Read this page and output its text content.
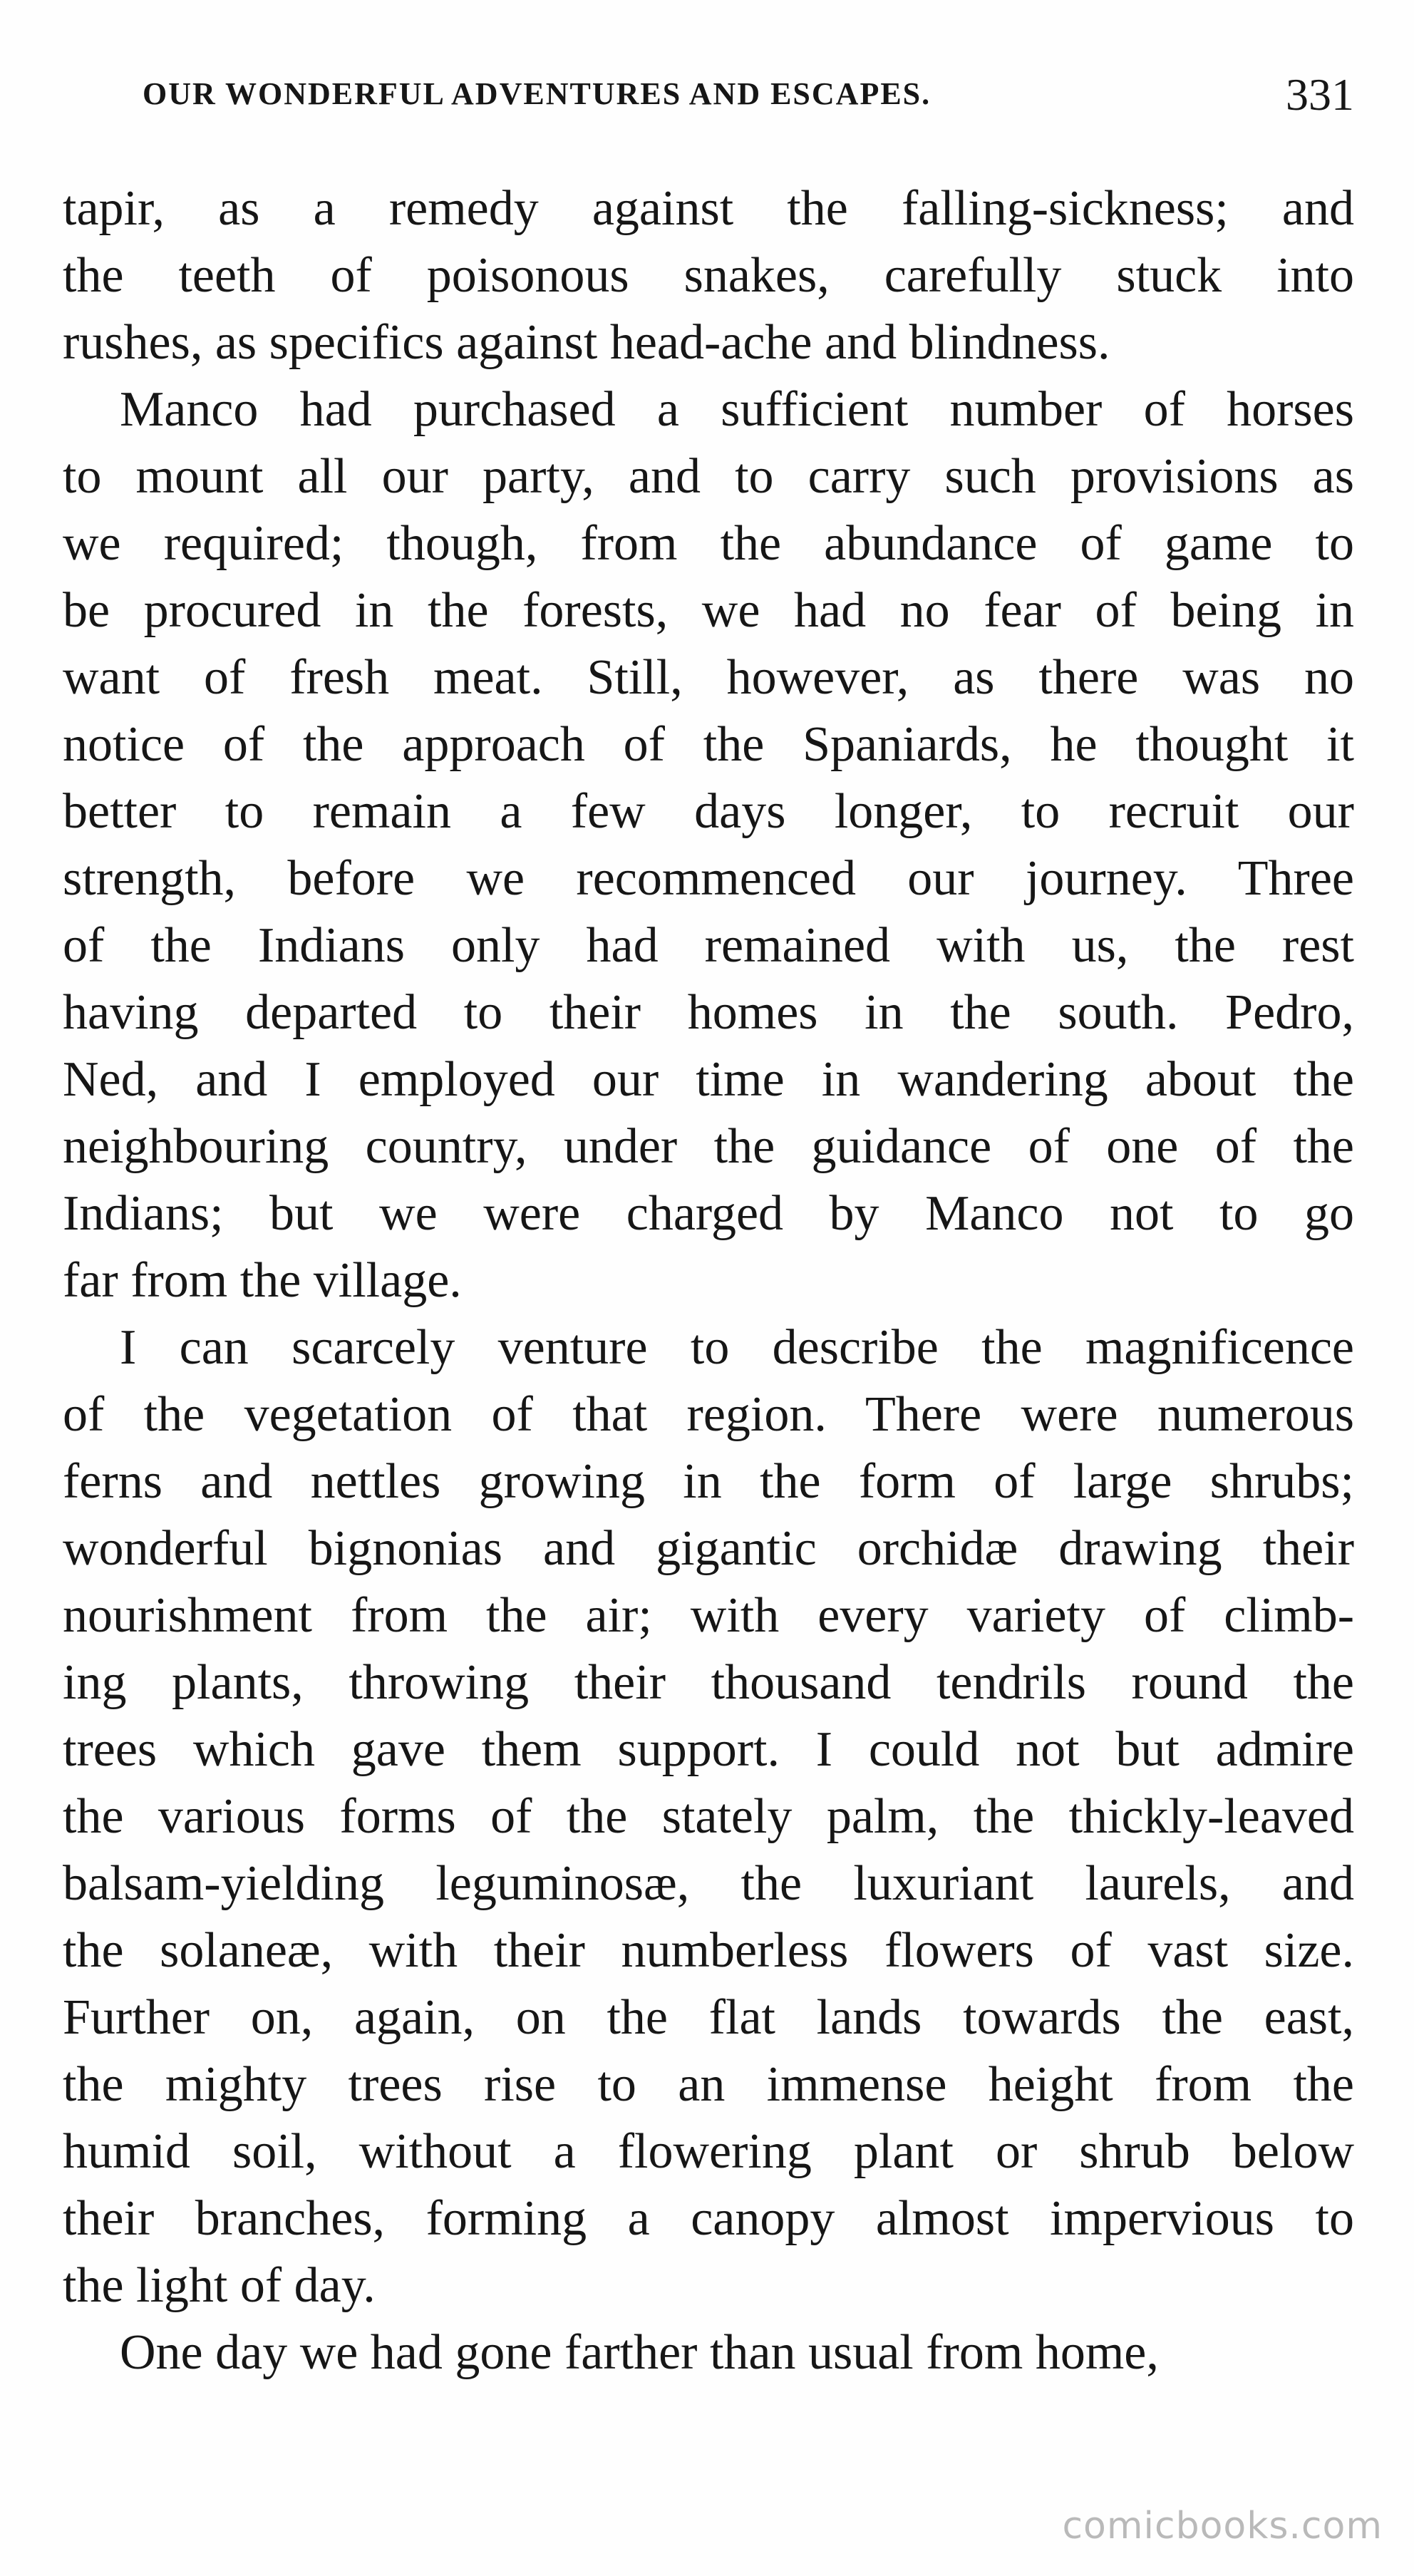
OUR WONDERFUL ADVENTURES AND ESCAPES.	331
tapir, as a remedy against the falling-sickness; and
the teeth of poisonous snakes, carefully stuck into
rushes, as specifics against head-ache and blindness.
Manco had purchased a sufficient number of horses
to mount all our party, and to carry such provisions as
we required; though, from the abundance of game to
be procured in the forests, we had no fear of being in
want of fresh meat. Still, however, as there was no
notice of the approach of the Spaniards, he thought it
better to remain a few days longer, to recruit our
strength, before we recommenced our journey. Three
of the Indians only had remained with us, the rest
having departed to their homes in the south. Pedro,
Ned, and I employed our time in wandering about the
neighbouring country, under the guidance of one of the
Indians; but we were charged by Manco not to go
far from the village.
I can scarcely venture to describe the magnificence
of the vegetation of that region. There were numerous
ferns and nettles growing in the form of large shrubs;
wonderful bignonias and gigantic orchidæ drawing their
nourishment from the air; with every variety of climb-
ing plants, throwing their thousand tendrils round the
trees which gave them support. I could not but admire
the various forms of the stately palm, the thickly-leaved
balsam-yielding leguminosæ, the luxuriant laurels, and
the solaneæ, with their numberless flowers of vast size.
Further on, again, on the flat lands towards the east,
the mighty trees rise to an immense height from the
humid soil, without a flowering plant or shrub below
their branches, forming a canopy almost impervious to
the light of day.
One day we had gone farther than usual from home,
comicbooks.com
